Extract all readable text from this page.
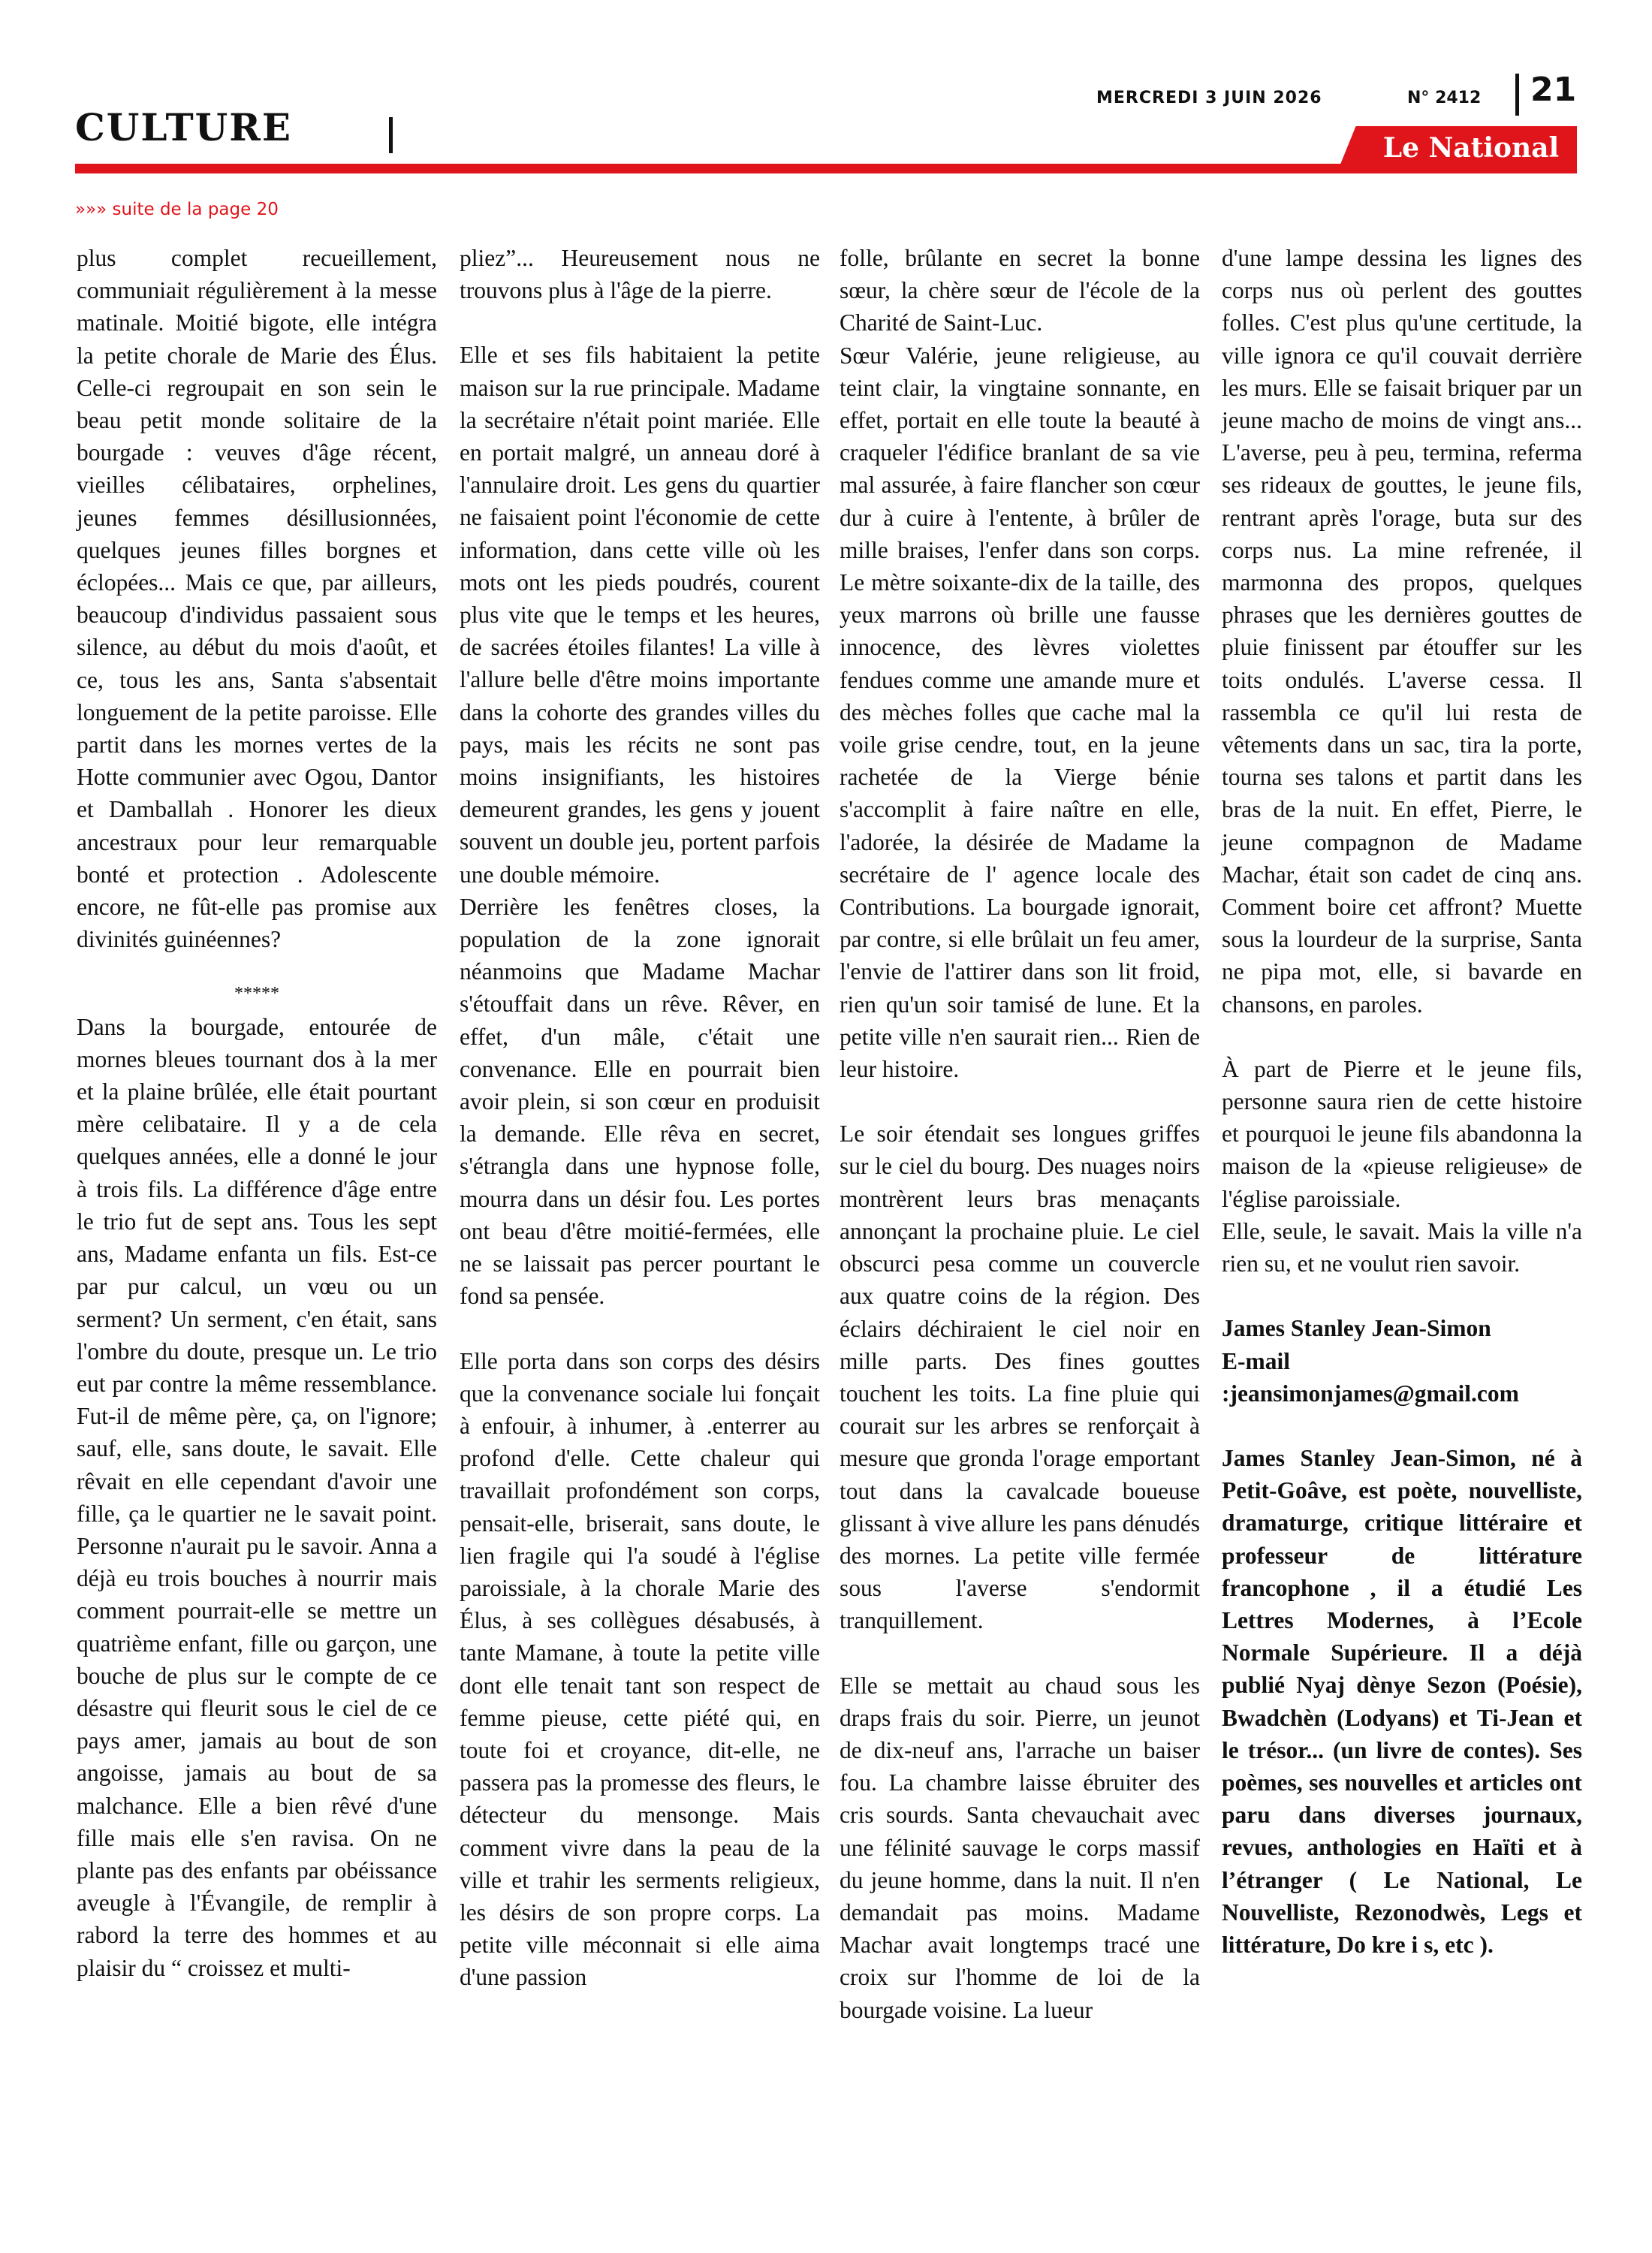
CULTURE
MERCREDI 3 JUIN 2026	N° 2412 21
Le National
»»» suite de la page 20

plus complet recueillement, communiait régulièrement à la messe matinale. Moitié bigote, elle intégra la petite chorale de Marie des Élus. Celle-ci regroupait en son sein le beau petit monde solitaire de la bourgade : veuves d'âge récent, vieilles célibataires, orphelines, jeunes femmes désillusionnées, quelques jeunes filles borgnes et éclopées... Mais ce que, par ailleurs, beaucoup d'individus passaient sous silence, au début du mois d'août, et ce, tous les ans, Santa s'absentait longuement de la petite paroisse. Elle partit dans les mornes vertes de la Hotte communier avec Ogou, Dantor et Damballah . Honorer les dieux ancestraux pour leur remarquable bonté et protection . Adolescente encore, ne fût-elle pas promise aux divinités guinéennes?

*****

Dans la bourgade, entourée de mornes bleues tournant dos à la mer et la plaine brûlée, elle était pourtant mère celibataire. Il y a de cela quelques années, elle a donné le jour à trois fils. La différence d'âge entre le trio fut de sept ans. Tous les sept ans, Madame enfanta un fils. Est-ce par pur calcul, un vœu ou un serment? Un serment, c'en était, sans l'ombre du doute, presque un. Le trio eut par contre la même ressemblance. Fut-il de même père, ça, on l'ignore; sauf, elle, sans doute, le savait. Elle rêvait en elle cependant d'avoir une fille, ça le quartier ne le savait point. Personne n'aurait pu le savoir. Anna a déjà eu trois bouches à nourrir mais comment pourrait-elle se mettre un quatrième enfant, fille ou garçon, une bouche de plus sur le compte de ce désastre qui fleurit sous le ciel de ce pays amer, jamais au bout de son angoisse, jamais au bout de sa malchance. Elle a bien rêvé d'une fille mais elle s'en ravisa. On ne plante pas des enfants par obéissance aveugle à l'Évangile, de remplir à rabord la terre des hommes et au plaisir du “ croissez et multi-

pliez”... Heureusement nous ne trouvons plus à l'âge de la pierre.

Elle et ses fils habitaient la petite maison sur la rue principale. Madame la secrétaire n'était point mariée. Elle en portait malgré, un anneau doré à l'annulaire droit. Les gens du quartier ne faisaient point l'économie de cette information, dans cette ville où les mots ont les pieds poudrés, courent plus vite que le temps et les heures, de sacrées étoiles filantes! La ville à l'allure belle d'être moins importante dans la cohorte des grandes villes du pays, mais les récits ne sont pas moins insignifiants, les histoires demeurent grandes, les gens y jouent souvent un double jeu, portent parfois une double mémoire.

Derrière les fenêtres closes, la population de la zone ignorait néanmoins que Madame Machar s'étouffait dans un rêve. Rêver, en effet, d'un mâle, c'était une convenance. Elle en pourrait bien avoir plein, si son cœur en produisit la demande. Elle rêva en secret, s'étrangla dans une hypnose folle, mourra dans un désir fou. Les portes ont beau d'être moitié-fermées, elle ne se laissait pas percer pourtant le fond sa pensée.

Elle porta dans son corps des désirs que la convenance sociale lui fonçait à enfouir, à inhumer, à .enterrer au profond d'elle. Cette chaleur qui travaillait profondément son corps, pensait-elle, briserait, sans doute, le lien fragile qui l'a soudé à l'église paroissiale, à la chorale Marie des Élus, à ses collègues désabusés, à tante Mamane, à toute la petite ville dont elle tenait tant son respect de femme pieuse, cette piété qui, en toute foi et croyance, dit-elle, ne passera pas la promesse des fleurs, le détecteur du mensonge. Mais comment vivre dans la peau de la ville et trahir les serments religieux, les désirs de son propre corps. La petite ville méconnait si elle aima d'une passion

folle, brûlante en secret la bonne sœur, la chère sœur de l'école de la Charité de Saint-Luc.

Sœur Valérie, jeune religieuse, au teint clair, la vingtaine sonnante, en effet, portait en elle toute la beauté à craqueler l'édifice branlant de sa vie mal assurée, à faire flancher son cœur dur à cuire à l'entente, à brûler de mille braises, l'enfer dans son corps. Le mètre soixante-dix de la taille, des yeux marrons où brille une fausse innocence, des lèvres violettes fendues comme une amande mure et des mèches folles que cache mal la voile grise cendre, tout, en la jeune rachetée de la Vierge bénie s'accomplit à faire naître en elle, l'adorée, la désirée de Madame la secrétaire de l' agence locale des Contributions. La bourgade ignorait, par contre, si elle brûlait un feu amer, l'envie de l'attirer dans son lit froid, rien qu'un soir tamisé de lune. Et la petite ville n'en saurait rien... Rien de leur histoire.

Le soir étendait ses longues griffes sur le ciel du bourg. Des nuages noirs montrèrent leurs bras menaçants annonçant la prochaine pluie. Le ciel obscurci pesa comme un couvercle aux quatre coins de la région. Des éclairs déchiraient le ciel noir en mille parts. Des fines gouttes touchent les toits. La fine pluie qui courait sur les arbres se renforçait à mesure que gronda l'orage emportant tout dans la cavalcade boueuse glissant à vive allure les pans dénudés des mornes. La petite ville fermée sous l'averse s'endormit tranquillement.

Elle se mettait au chaud sous les draps frais du soir. Pierre, un jeunot de dix-neuf ans, l'arrache un baiser fou. La chambre laisse ébruiter des cris sourds. Santa chevauchait avec une félinité sauvage le corps massif du jeune homme, dans la nuit. Il n'en demandait pas moins. Madame Machar avait longtemps tracé une croix sur l'homme de loi de la bourgade voisine. La lueur

d'une lampe dessina les lignes des corps nus où perlent des gouttes folles. C'est plus qu'une certitude, la ville ignora ce qu'il couvait derrière les murs. Elle se faisait briquer par un jeune macho de moins de vingt ans... L'averse, peu à peu, termina, referma ses rideaux de gouttes, le jeune fils, rentrant après l'orage, buta sur des corps nus. La mine refrenée, il marmonna des propos, quelques phrases que les dernières gouttes de pluie finissent par étouffer sur les toits ondulés. L'averse cessa. Il rassembla ce qu'il lui resta de vêtements dans un sac, tira la porte, tourna ses talons et partit dans les bras de la nuit. En effet, Pierre, le jeune compagnon de Madame Machar, était son cadet de cinq ans. Comment boire cet affront? Muette sous la lourdeur de la surprise, Santa ne pipa mot, elle, si bavarde en chansons, en paroles.

À part de Pierre et le jeune fils, personne saura rien de cette histoire et pourquoi le jeune fils abandonna la maison de la «pieuse religieuse» de l'église paroissiale.

Elle, seule, le savait. Mais la ville n'a rien su, et ne voulut rien savoir.

James Stanley Jean-Simon

E-mail :jeansimonjames@gmail.com

James Stanley Jean-Simon, né à Petit-Goâve, est poète, nouvelliste, dramaturge, critique littéraire et professeur de littérature francophone , il a étudié Les Lettres Modernes, à l’Ecole Normale Supérieure. Il a déjà publié Nyaj dènye Sezon (Poésie), Bwadchèn (Lodyans) et Ti-Jean et le trésor... (un livre de contes). Ses poèmes, ses nouvelles et articles ont paru dans diverses journaux, revues, anthologies en Haïti et à l’étranger ( Le National, Le Nouvelliste, Rezonodwès, Legs et littérature, Do kre i s, etc ).
